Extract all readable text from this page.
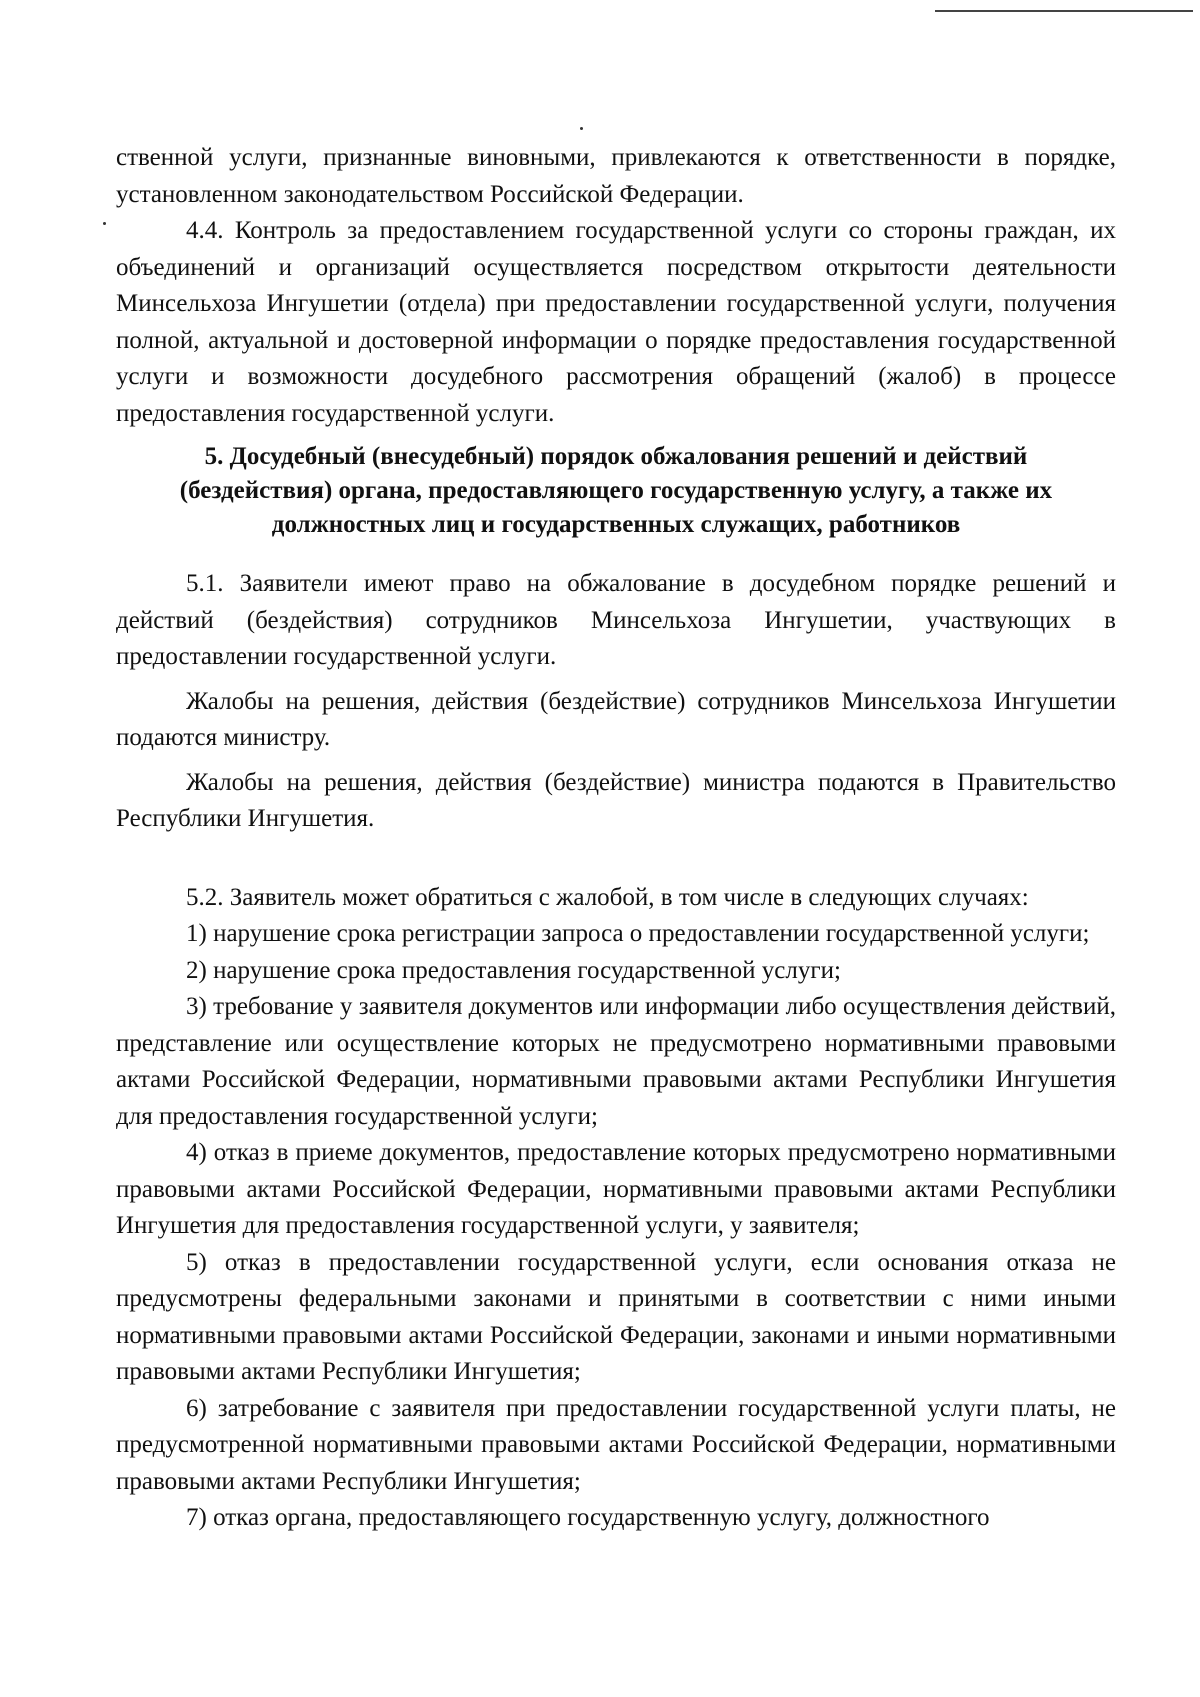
ственной услуги, признанные виновными, привлекаются к ответственности в порядке, установленном законодательством Российской Федерации.

4.4. Контроль за предоставлением государственной услуги со стороны граждан, их объединений и организаций осуществляется посредством открытости деятельности Минсельхоза Ингушетии (отдела) при предоставлении государственной услуги, получения полной, актуальной и достоверной информации о порядке предоставления государственной услуги и возможности досудебного рассмотрения обращений (жалоб) в процессе предоставления государственной услуги.

5. Досудебный (внесудебный) порядок обжалования решений и действий (бездействия) органа, предоставляющего государственную услугу, а также их должностных лиц и государственных служащих, работников

5.1. Заявители имеют право на обжалование в досудебном порядке решений и действий (бездействия) сотрудников Минсельхоза Ингушетии, участвующих в предоставлении государственной услуги.

Жалобы на решения, действия (бездействие) сотрудников Минсельхоза Ингушетии подаются министру.

Жалобы на решения, действия (бездействие) министра подаются в Правительство Республики Ингушетия.

5.2. Заявитель может обратиться с жалобой, в том числе в следующих случаях:

1) нарушение срока регистрации запроса о предоставлении государственной услуги;

2) нарушение срока предоставления государственной услуги;

3) требование у заявителя документов или информации либо осуществления действий, представление или осуществление которых не предусмотрено нормативными правовыми актами Российской Федерации, нормативными правовыми актами Республики Ингушетия для предоставления государственной услуги;

4) отказ в приеме документов, предоставление которых предусмотрено нормативными правовыми актами Российской Федерации, нормативными правовыми актами Республики Ингушетия для предоставления государственной услуги, у заявителя;

5) отказ в предоставлении государственной услуги, если основания отказа не предусмотрены федеральными законами и принятыми в соответствии с ними иными нормативными правовыми актами Российской Федерации, законами и иными нормативными правовыми актами Республики Ингушетия;

6) затребование с заявителя при предоставлении государственной услуги платы, не предусмотренной нормативными правовыми актами Российской Федерации, нормативными правовыми актами Республики Ингушетия;

7) отказ органа, предоставляющего государственную услугу, должностного
